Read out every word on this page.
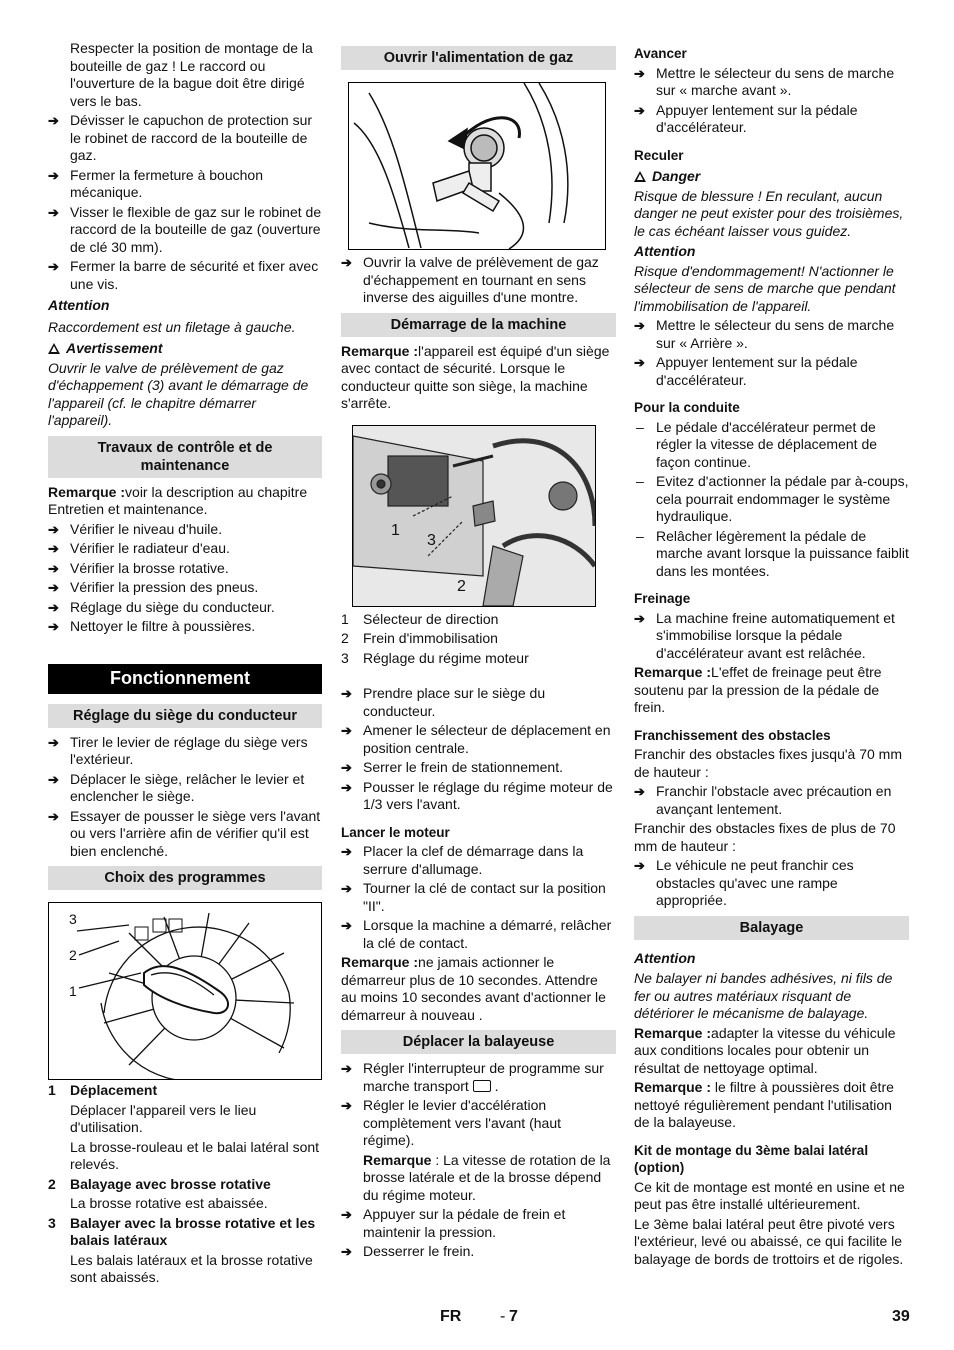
Respecter la position de montage de la bouteille de gaz ! Le raccord ou l'ouverture de la bague doit être dirigé vers le bas.

➔ Dévisser le capuchon de protection sur le robinet de raccord de la bouteille de gaz.

➔ Fermer la fermeture à bouchon mécanique.

➔ Visser le flexible de gaz sur le robinet de raccord de la bouteille de gaz (ouverture de clé 30 mm).

➔ Fermer la barre de sécurité et fixer avec une vis.

Attention

Raccordement est un filetage à gauche.

Avertissement

Ouvrir le valve de prélèvement de gaz d'échappement (3) avant le démarrage de l'appareil (cf. le chapitre démarrer l'appareil).

Travaux de contrôle et de maintenance

Remarque :voir la description au chapitre Entretien et maintenance.

➔ Vérifier le niveau d'huile.

➔ Vérifier le radiateur d'eau.

➔ Vérifier la brosse rotative.

➔ Vérifier la pression des pneus.

➔ Réglage du siège du conducteur.

➔ Nettoyer le filtre à poussières.

Fonctionnement
Réglage du siège du conducteur

➔ Tirer le levier de réglage du siège vers l'extérieur.

➔ Déplacer le siège, relâcher le levier et enclencher le siège.

➔ Essayer de pousser le siège vers l'avant ou vers l'arrière afin de vérifier qu'il est bien enclenché.

Choix des programmes
3
2
1

1 Déplacement

Déplacer l'appareil vers le lieu d'utilisation.

La brosse-rouleau et le balai latéral sont relevés.

2 Balayage avec brosse rotative

La brosse rotative est abaissée.

3 Balayer avec la brosse rotative et les balais latéraux

Les balais latéraux et la brosse rotative sont abaissés.

Ouvrir l'alimentation de gaz

➔ Ouvrir la valve de prélèvement de gaz d'échappement en tournant en sens inverse des aiguilles d'une montre.

Démarrage de la machine

Remarque :l'appareil est équipé d'un siège avec contact de sécurité. Lorsque le conducteur quitte son siège, la machine s'arrête.

1
3
2

1 Sélecteur de direction

2 Frein d'immobilisation

3 Réglage du régime moteur

➔ Prendre place sur le siège du conducteur.

➔ Amener le sélecteur de déplacement en position centrale.

➔ Serrer le frein de stationnement.

➔ Pousser le réglage du régime moteur de 1/3 vers l'avant.

Lancer le moteur

➔ Placer la clef de démarrage dans la serrure d'allumage.

➔ Tourner la clé de contact sur la position "II".

➔ Lorsque la machine a démarré, relâcher la clé de contact.

Remarque :ne jamais actionner le démarreur plus de 10 secondes. Attendre au moins 10 secondes avant d'actionner le démarreur à nouveau .

Déplacer la balayeuse

➔ Régler l'interrupteur de programme sur marche transport  .

➔ Régler le levier d'accélération complètement vers l'avant (haut régime).

Remarque : La vitesse de rotation de la brosse latérale et de la brosse dépend du régime moteur.

➔ Appuyer sur la pédale de frein et maintenir la pression.

➔ Desserrer le frein.

Avancer

➔ Mettre le sélecteur du sens de marche sur « marche avant ».

➔ Appuyer lentement sur la pédale d'accélérateur.

Reculer

Danger

Risque de blessure ! En reculant, aucun danger ne peut exister pour des troisièmes, le cas échéant laisser vous guidez.

Attention

Risque d'endommagement! N'actionner le sélecteur de sens de marche que pendant l'immobilisation de l'appareil.

➔ Mettre le sélecteur du sens de marche sur « Arrière ».

➔ Appuyer lentement sur la pédale d'accélérateur.

Pour la conduite

– Le pédale d'accélérateur permet de régler la vitesse de déplacement de façon continue.

– Evitez d'actionner la pédale par à-coups, cela pourrait endommager le système hydraulique.

– Relâcher légèrement la pédale de marche avant lorsque la puissance faiblit dans les montées.

Freinage

➔ La machine freine automatiquement et s'immobilise lorsque la pédale d'accélérateur avant est relâchée.

Remarque :L'effet de freinage peut être soutenu par la pression de la pédale de frein.

Franchissement des obstacles

Franchir des obstacles fixes jusqu'à 70 mm de hauteur :

➔ Franchir l'obstacle avec précaution en avançant lentement.

Franchir des obstacles fixes de plus de 70 mm de hauteur :

➔ Le véhicule ne peut franchir ces obstacles qu'avec une rampe appropriée.

Balayage

Attention

Ne balayer ni bandes adhésives, ni fils de fer ou autres matériaux risquant de détériorer le mécanisme de balayage.

Remarque :adapter la vitesse du véhicule aux conditions locales pour obtenir un résultat de nettoyage optimal.

Remarque : le filtre à poussières doit être nettoyé régulièrement pendant l'utilisation de la balayeuse.

Kit de montage du 3ème balai latéral (option)

Ce kit de montage est monté en usine et ne peut pas être installé ultérieurement.

Le 3ème balai latéral peut être pivoté vers l'extérieur, levé ou abaissé, ce qui facilite le balayage de bords de trottoirs et de rigoles.

FR - 7	39
